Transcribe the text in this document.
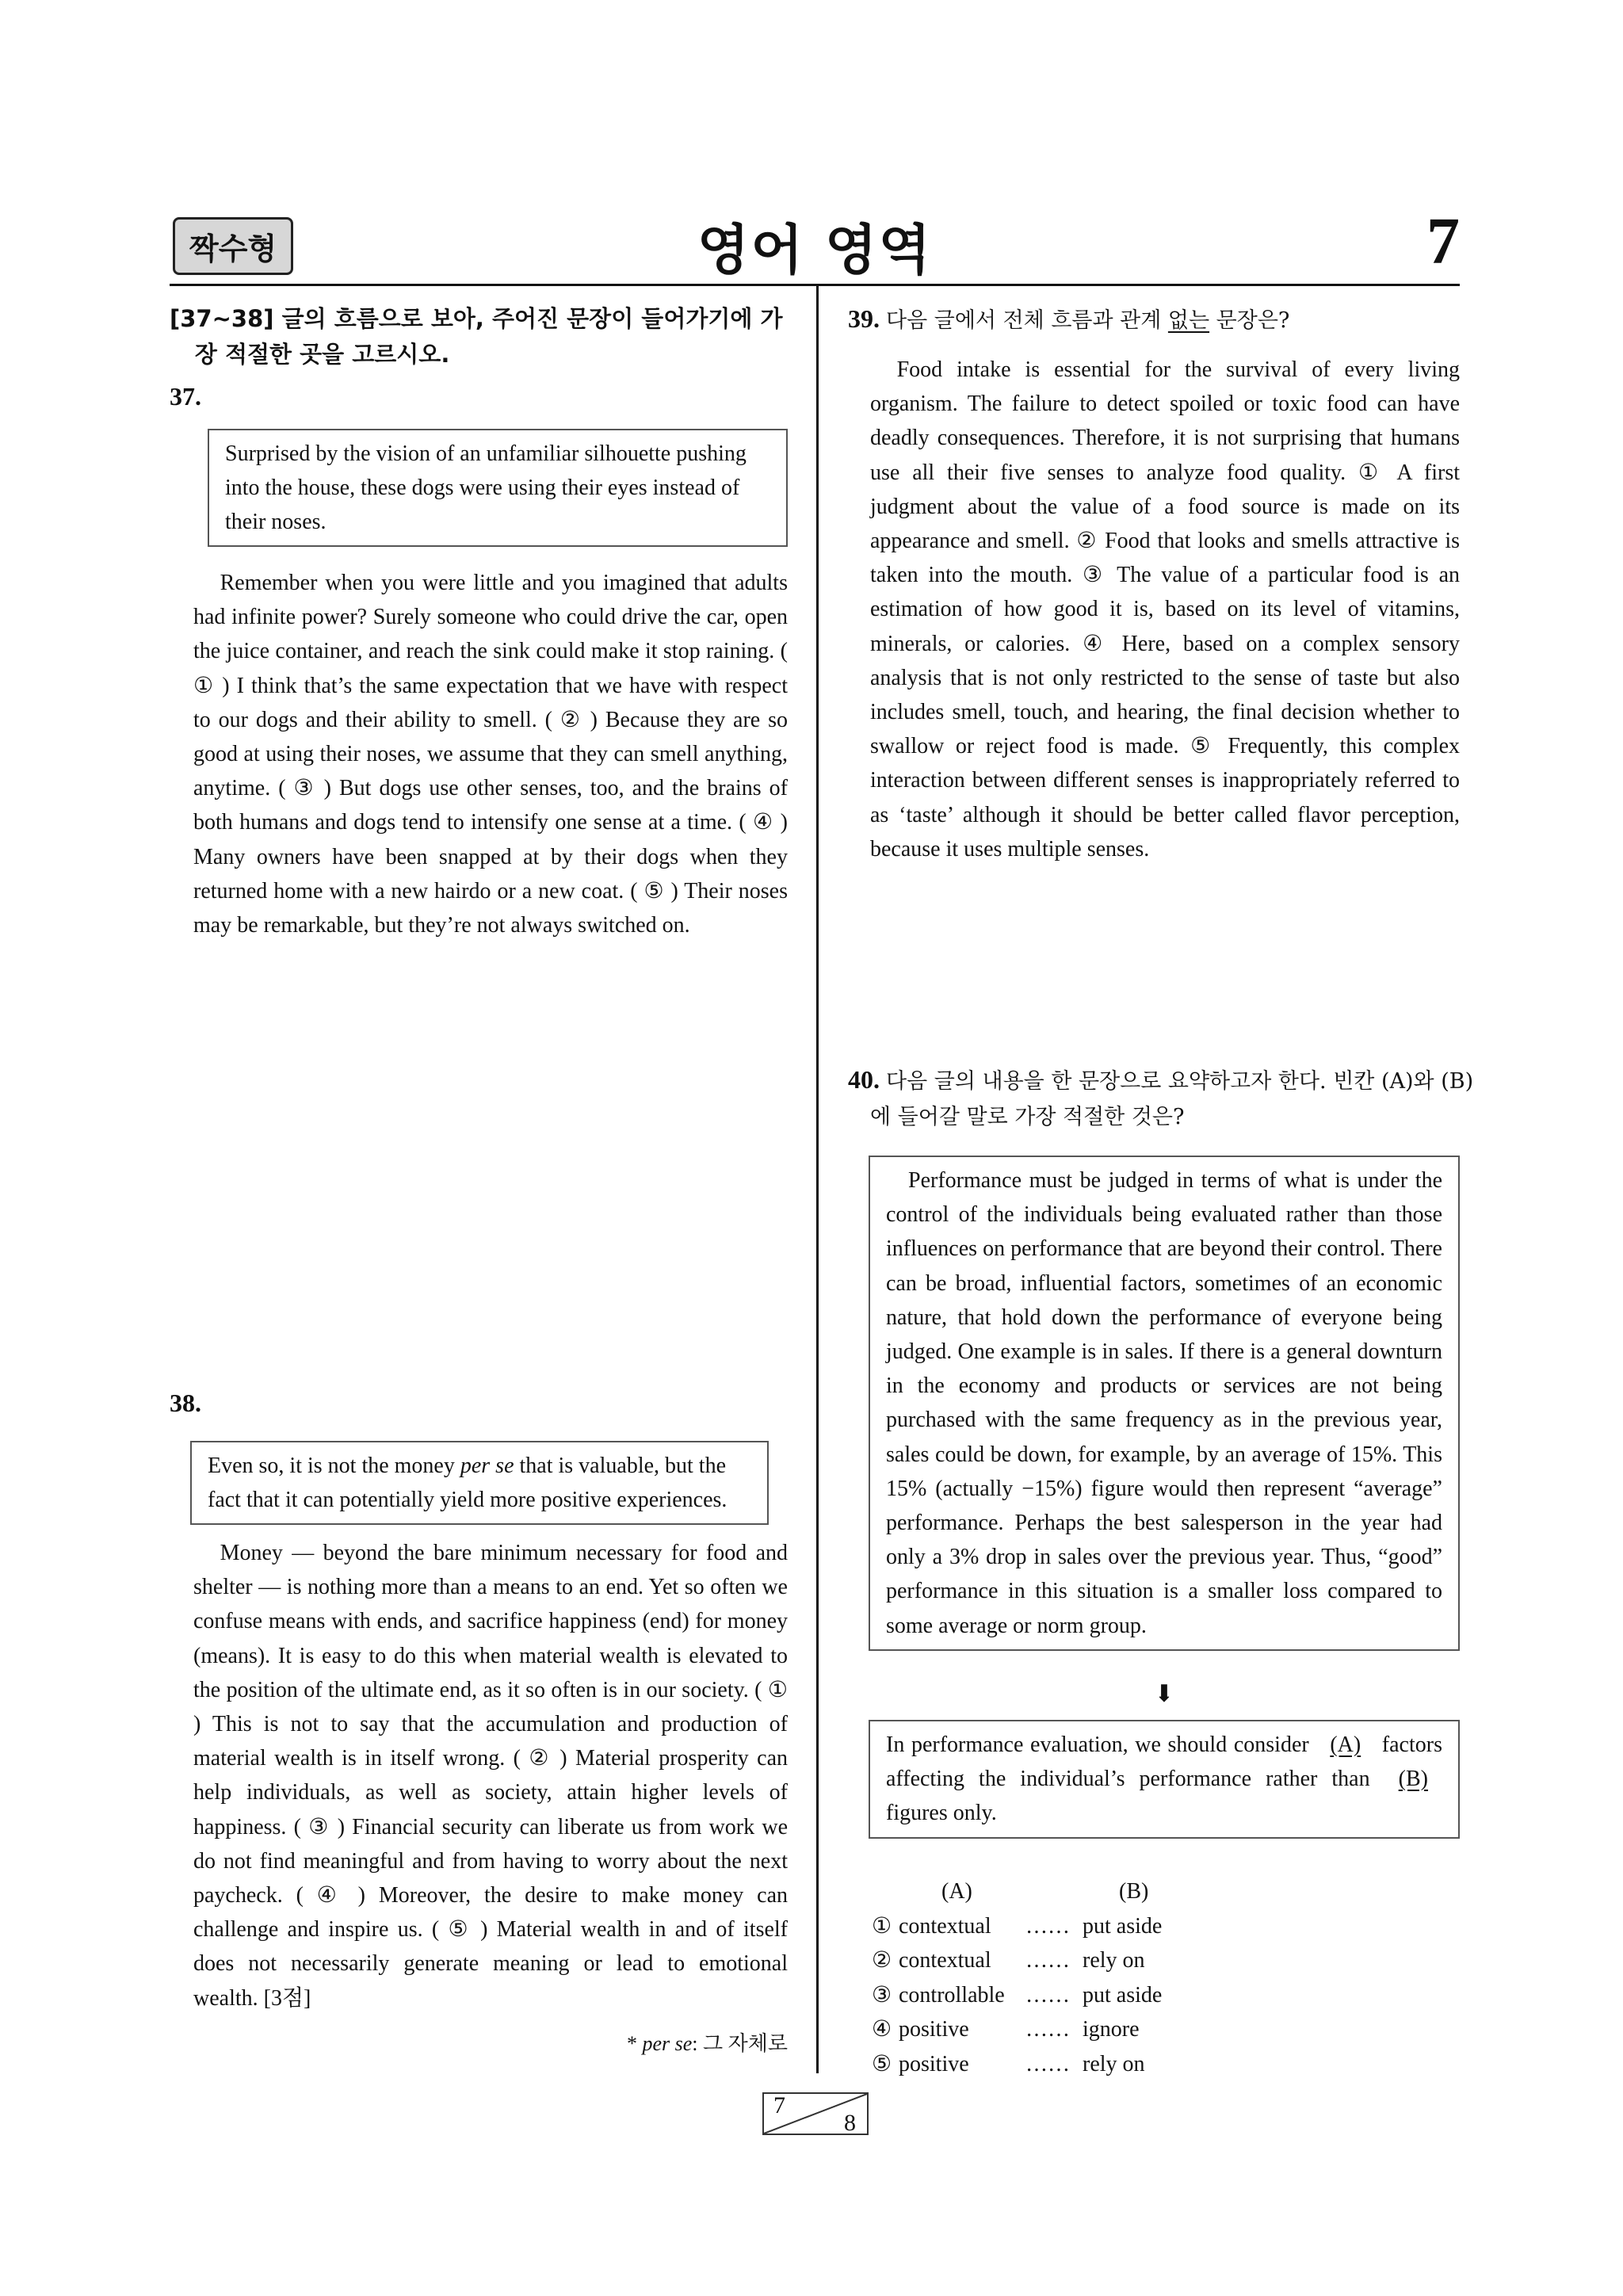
짝수형	영어 영역	7

[37~38] 글의 흐름으로 보아, 주어진 문장이 들어가기에 가장 적절한 곳을 고르시오.

37.

Surprised by the vision of an unfamiliar silhouette pushing into the house, these dogs were using their eyes instead of their noses.

Remember when you were little and you imagined that adults had infinite power? Surely someone who could drive the car, open the juice container, and reach the sink could make it stop raining. ( ① ) I think that’s the same expectation that we have with respect to our dogs and their ability to smell. ( ② ) Because they are so good at using their noses, we assume that they can smell anything, anytime. ( ③ ) But dogs use other senses, too, and the brains of both humans and dogs tend to intensify one sense at a time. ( ④ ) Many owners have been snapped at by their dogs when they returned home with a new hairdo or a new coat. ( ⑤ ) Their noses may be remarkable, but they’re not always switched on.

38.

Even so, it is not the money per se that is valuable, but the fact that it can potentially yield more positive experiences.

Money — beyond the bare minimum necessary for food and shelter — is nothing more than a means to an end. Yet so often we confuse means with ends, and sacrifice happiness (end) for money (means). It is easy to do this when material wealth is elevated to the position of the ultimate end, as it so often is in our society. ( ① ) This is not to say that the accumulation and production of material wealth is in itself wrong. ( ② ) Material prosperity can help individuals, as well as society, attain higher levels of happiness. ( ③ ) Financial security can liberate us from work we do not find meaningful and from having to worry about the next paycheck. ( ④ ) Moreover, the desire to make money can challenge and inspire us. ( ⑤ ) Material wealth in and of itself does not necessarily generate meaning or lead to emotional wealth. [3점]

* per se: 그 자체로

39. 다음 글에서 전체 흐름과 관계 없는 문장은?

Food intake is essential for the survival of every living organism. The failure to detect spoiled or toxic food can have deadly consequences. Therefore, it is not surprising that humans use all their five senses to analyze food quality. ① A first judgment about the value of a food source is made on its appearance and smell. ② Food that looks and smells attractive is taken into the mouth. ③ The value of a particular food is an estimation of how good it is, based on its level of vitamins, minerals, or calories. ④ Here, based on a complex sensory analysis that is not only restricted to the sense of taste but also includes smell, touch, and hearing, the final decision whether to swallow or reject food is made. ⑤ Frequently, this complex interaction between different senses is inappropriately referred to as ‘taste’ although it should be better called flavor perception, because it uses multiple senses.

40. 다음 글의 내용을 한 문장으로 요약하고자 한다. 빈칸 (A)와 (B)에 들어갈 말로 가장 적절한 것은?

Performance must be judged in terms of what is under the control of the individuals being evaluated rather than those influences on performance that are beyond their control. There can be broad, influential factors, sometimes of an economic nature, that hold down the performance of everyone being judged. One example is in sales. If there is a general downturn in the economy and products or services are not being purchased with the same frequency as in the previous year, sales could be down, for example, by an average of 15%. This 15% (actually −15%) figure would then represent “average” performance. Perhaps the best salesperson in the year had only a 3% drop in sales over the previous year. Thus, “good” performance in this situation is a smaller loss compared to some average or norm group.

⬇

In performance evaluation, we should consider (A) factors affecting the individual’s performance rather than (B) figures only.

(A)	(B)
① contextual	…… put aside
② contextual	…… rely on
③ controllable …… put aside
④ positive	…… ignore
⑤ positive	…… rely on
7
8
